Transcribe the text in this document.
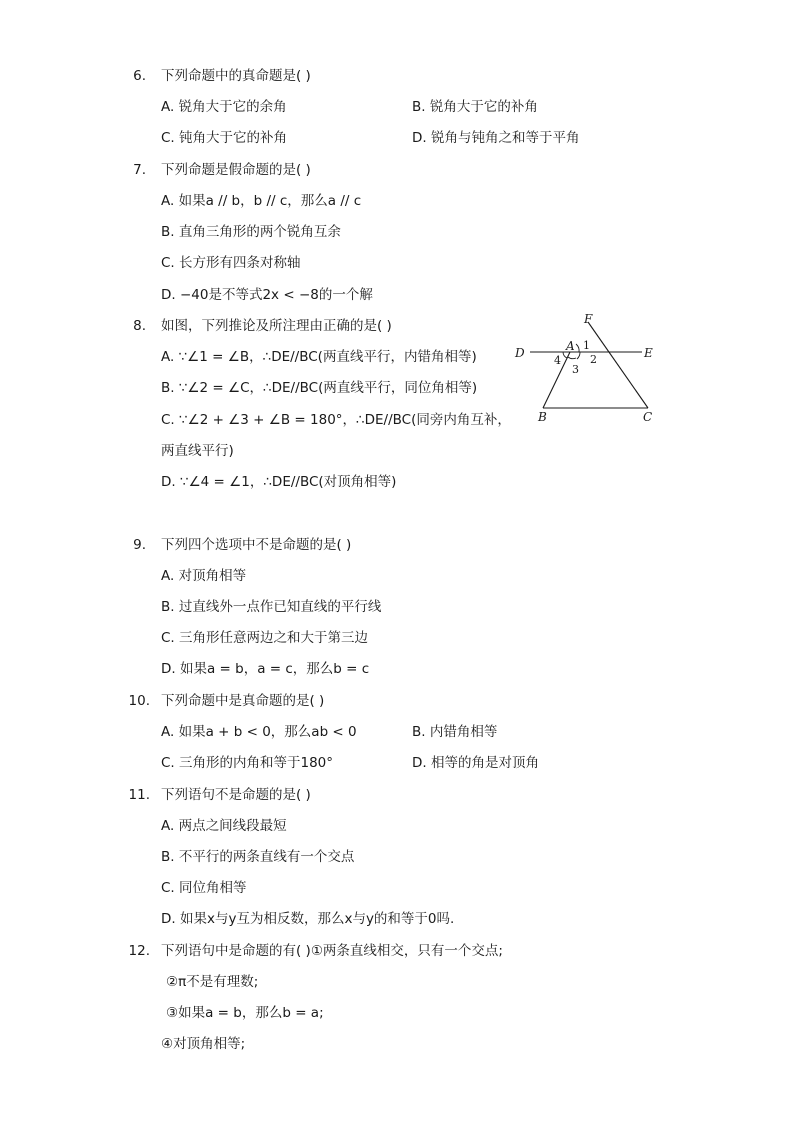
6. 下列命题中的真命题是( )
A. 锐角大于它的余角	B. 锐角大于它的补角
C. 钝角大于它的补角	D. 锐角与钝角之和等于平角
7. 下列命题是假命题的是( )
A. 如果a // b，b // c，那么a // c
B. 直角三角形的两个锐角互余
C. 长方形有四条对称轴
D. −40是不等式2x < −8的一个解
8. 如图，下列推论及所注理由正确的是( )
A. ∵∠1 = ∠B，∴DE//BC(两直线平行，内错角相等)
B. ∵∠2 = ∠C，∴DE//BC(两直线平行，同位角相等)
C. ∵∠2 + ∠3 + ∠B = 180°，∴DE//BC(同旁内角互补，
两直线平行)
D. ∵∠4 = ∠1，∴DE//BC(对顶角相等)
F
A
D	E
B	C
1
2
3
4
9. 下列四个选项中不是命题的是( )
A. 对顶角相等
B. 过直线外一点作已知直线的平行线
C. 三角形任意两边之和大于第三边
D. 如果a = b，a = c，那么b = c
10. 下列命题中是真命题的是( )
A. 如果a + b < 0，那么ab < 0	B. 内错角相等
C. 三角形的内角和等于180°	D. 相等的角是对顶角
11. 下列语句不是命题的是( )
A. 两点之间线段最短
B. 不平行的两条直线有一个交点
C. 同位角相等
D. 如果x与y互为相反数，那么x与y的和等于0吗.
12. 下列语句中是命题的有( )①两条直线相交，只有一个交点;
②π不是有理数;
③如果a = b，那么b = a;
④对顶角相等;
